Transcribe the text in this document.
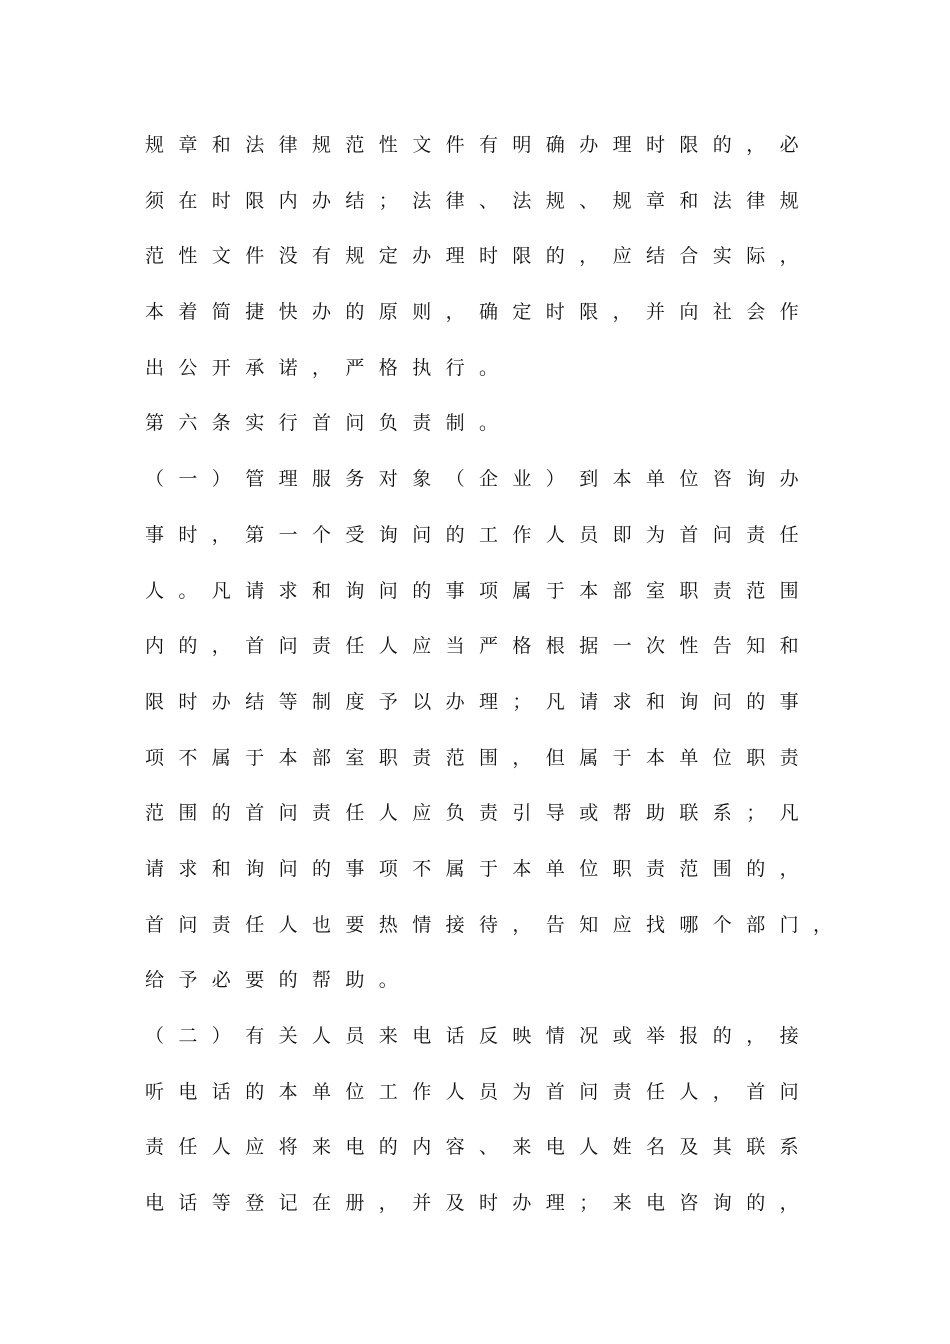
规章和法律规范性文件有明确办理时限的，必
须在时限内办结；法律、法规、规章和法律规
范性文件没有规定办理时限的，应结合实际，
本着简捷快办的原则，确定时限，并向社会作
出公开承诺，严格执行。
第六条实行首问负责制。
（一）管理服务对象（企业）到本单位咨询办
事时，第一个受询问的工作人员即为首问责任
人。凡请求和询问的事项属于本部室职责范围
内的，首问责任人应当严格根据一次性告知和
限时办结等制度予以办理；凡请求和询问的事
项不属于本部室职责范围，但属于本单位职责
范围的首问责任人应负责引导或帮助联系；凡
请求和询问的事项不属于本单位职责范围的，
首问责任人也要热情接待，告知应找哪个部门，
给予必要的帮助。
（二）有关人员来电话反映情况或举报的，接
听电话的本单位工作人员为首问责任人，首问
责任人应将来电的内容、来电人姓名及其联系
电话等登记在册，并及时办理；来电咨询的，
